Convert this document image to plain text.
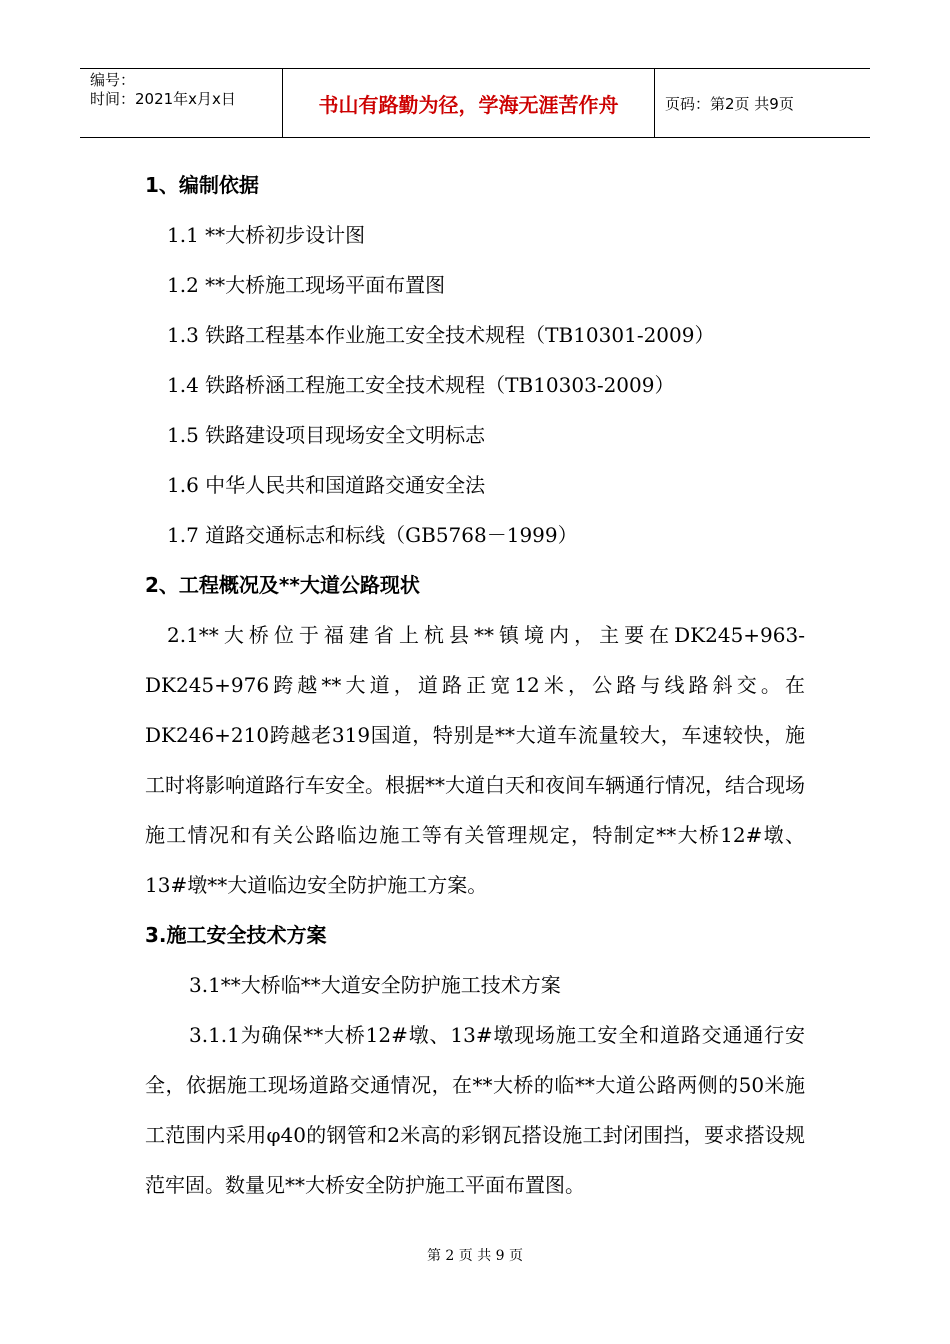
编号：
时间：2021年x月x日	书山有路勤为径，学海无涯苦作舟	页码：第2页 共9页
1、编制依据
1.1 **大桥初步设计图
1.2 **大桥施工现场平面布置图
1.3 铁路工程基本作业施工安全技术规程（TB10301-2009）
1.4 铁路桥涵工程施工安全技术规程（TB10303-2009）
1.5 铁路建设项目现场安全文明标志
1.6 中华人民共和国道路交通安全法
1.7 道路交通标志和标线（GB5768－1999）
2、工程概况及**大道公路现状
2.1**大桥位于福建省上杭县**镇境内，主要在DK245+963-DK245+976跨越**大道，道路正宽12米，公路与线路斜交。在DK246+210跨越老319国道，特别是**大道车流量较大，车速较快，施工时将影响道路行车安全。根据**大道白天和夜间车辆通行情况，结合现场施工情况和有关公路临边施工等有关管理规定，特制定**大桥12#墩、13#墩**大道临边安全防护施工方案。
3.施工安全技术方案
3.1**大桥临**大道安全防护施工技术方案
3.1.1为确保**大桥12#墩、13#墩现场施工安全和道路交通通行安全，依据施工现场道路交通情况，在**大桥的临**大道公路两侧的50米施工范围内采用φ40的钢管和2米高的彩钢瓦搭设施工封闭围挡，要求搭设规范牢固。数量见**大桥安全防护施工平面布置图。
第 2 页 共 9 页
